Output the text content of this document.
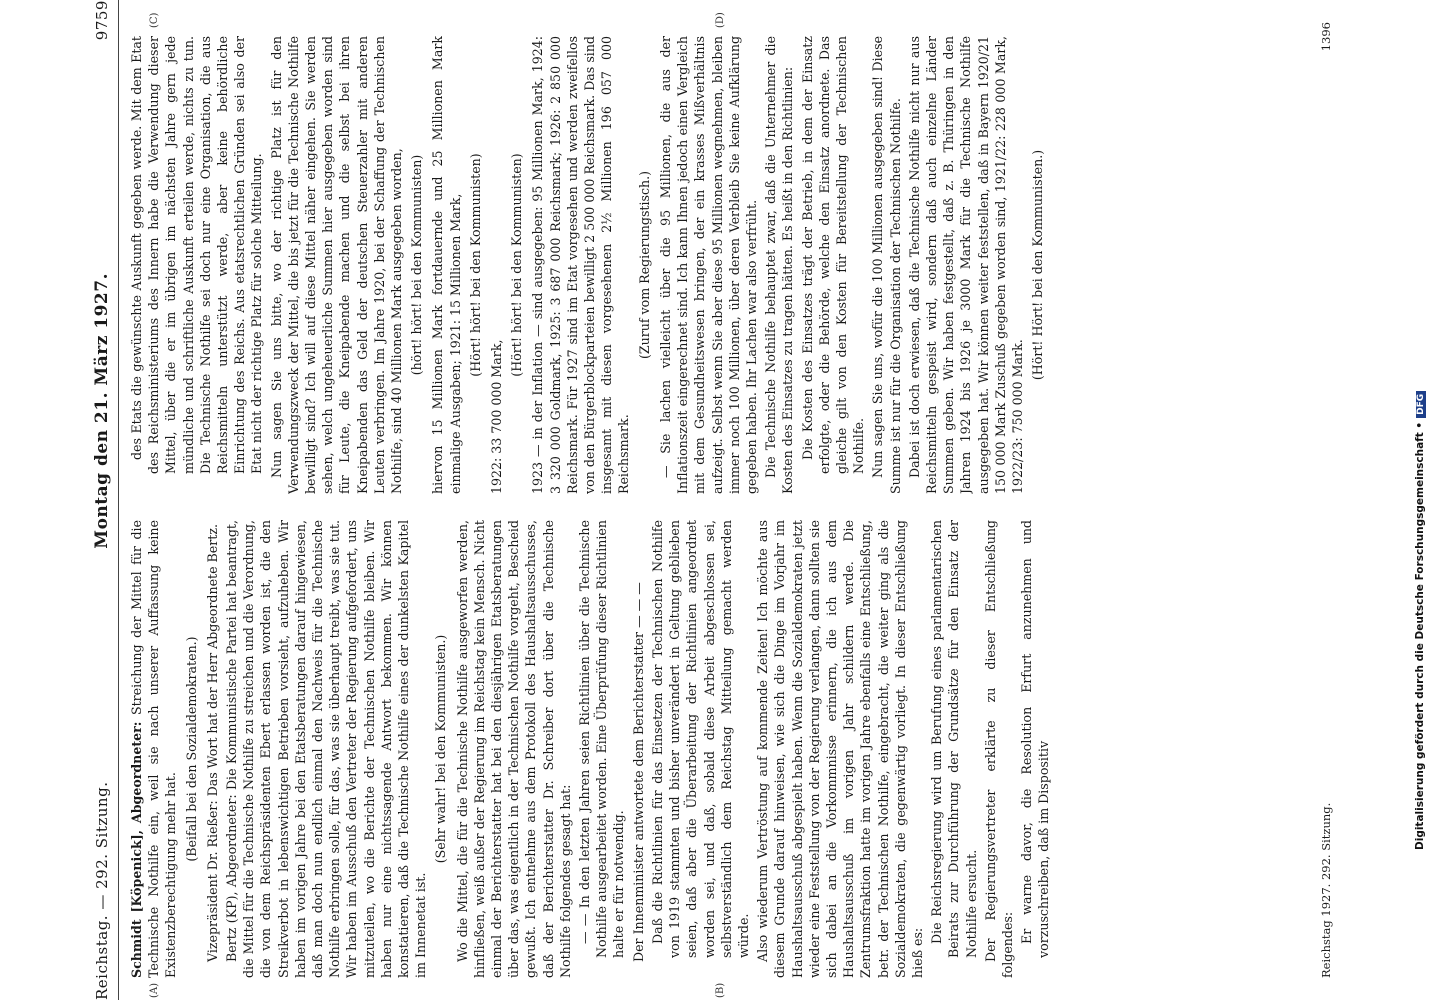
Digitalisierung gefördert durch die Deutsche Forschungsgemeinschaft •DFG
Reichstag. — 292. Sitzung.
Montag den 21. März 1927.
9759
(A)	(B)
(C)	(D)

Schmidt [Köpenick], Abgeordneter: Streichung der Mittel für die Technische Nothilfe ein, weil sie nach unserer Auffassung keine Existenzberechtigung mehr hat.

(Beifall bei den Sozialdemokraten.) Vizepräsident Dr. Rießer: Das Wort hat der Herr Abgeordnete Bertz. Bertz (KP), Abgeordneter: Die Kommunistische Partei hat beantragt, die Mittel für die Technische Nothilfe zu streichen und die Verordnung, die von dem Reichspräsidenten Ebert erlassen worden ist, die den Streikverbot in lebenswichtigen Betrieben vorsieht, aufzuheben. Wir haben im vorigen Jahre bei den Etatsberatungen darauf hingewiesen, daß man doch nun endlich einmal den Nachweis für die Technische Nothilfe erbringen solle, für das, was sie überhaupt treibt, was sie tut. Wir haben im Ausschuß den Vertreter der Regierung aufgefordert, uns mitzuteilen, wo die Berichte der Technischen Nothilfe bleiben. Wir haben nur eine nichtssagende Antwort bekommen. Wir können konstatieren, daß die Technische Nothilfe eines der dunkelsten Kapitel im Innenetat ist.

(Sehr wahr! bei den Kommunisten.) Wo die Mittel, die für die Technische Nothilfe ausgeworfen werden, hinfließen, weiß außer der Regierung im Reichstag kein Mensch. Nicht einmal der Berichterstatter hat bei den diesjährigen Etatsberatungen über das, was eigentlich in der Technischen Nothilfe vorgeht, Bescheid gewußt. Ich entnehme aus dem Protokoll des Haushaltsausschusses, daß der Berichterstatter Dr. Schreiber dort über die Technische Nothilfe folgendes gesagt hat: — — In den letzten Jahren seien Richtlinien über die Technische Nothilfe ausgearbeitet worden. Eine Überprüfung dieser Richtlinien halte er für notwendig. Der Innenminister antwortete dem Berichterstatter — — — Daß die Richtlinien für das Einsetzen der Technischen Nothilfe von 1919 stammten und bisher unverändert in Geltung geblieben seien, daß aber die Überarbeitung der Richtlinien angeordnet worden sei, und daß, sobald diese Arbeit abgeschlossen sei, selbstverständlich dem Reichstag Mitteilung gemacht werden würde. Also wiederum Vertröstung auf kommende Zeiten! Ich möchte aus diesem Grunde darauf hinweisen, wie sich die Dinge im Vorjahr im Haushaltsausschuß abgespielt haben. Wenn die Sozialdemokraten jetzt wieder eine Feststellung von der Regierung verlangen, dann sollten sie sich dabei an die Vorkommnisse erinnern, die ich aus dem Haushaltsausschuß im vorigen Jahr schildern werde. Die Zentrumsfraktion hatte im vorigen Jahre ebenfalls eine Entschließung, betr. der Technischen Nothilfe, eingebracht, die weiter ging als die Sozialdemokraten, die gegenwärtig vorliegt. In dieser Entschließung hieß es:

Die Reichsregierung wird um Berufung eines parlamentarischen Beirats zur Durchführung der Grundsätze für den Einsatz der Nothilfe ersucht. Der Regierungsvertreter erklärte zu dieser Entschließung folgendes:

Er warne davor, die Resolution Erfurt anzunehmen und vorzuschreiben, daß im Dispositiv

des Etats die gewünschte Auskunft gegeben werde. Mit dem Etat des Reichsministeriums des Innern habe die Verwendung dieser Mittel, über die er im übrigen im nächsten Jahre gern jede mündliche und schriftliche Auskunft erteilen werde, nichts zu tun. Die Technische Nothilfe sei doch nur eine Organisation, die aus Reichsmitteln unterstützt werde, aber keine behördliche Einrichtung des Reichs. Aus etatsrechtlichen Gründen sei also der Etat nicht der richtige Platz für solche Mitteilung. Nun sagen Sie uns bitte, wo der richtige Platz ist für den Verwendungszweck der Mittel, die bis jetzt für die Technische Nothilfe bewilligt sind? Ich will auf diese Mittel näher eingehen. Sie werden sehen, welch ungeheuerliche Summen hier ausgegeben worden sind für Leute, die Kneipabende machen und die selbst bei ihren Kneipabenden das Geld der deutschen Steuerzahler mit anderen Leuten verbringen. Im Jahre 1920, bei der Schaffung der Technischen Nothilfe, sind 40 Millionen Mark ausgegeben worden, (hört! hört! bei den Kommunisten) hiervon 15 Millionen Mark fortdauernde und 25 Millionen Mark einmalige Ausgaben; 1921: 15 Millionen Mark, (Hört! hört! bei den Kommunisten)

1922: 33 700 000 Mark,

(Hört! hört! bei den Kommunisten) 1923 — in der Inflation — sind ausgegeben: 95 Millionen Mark, 1924: 3 320 000 Goldmark, 1925: 3 687 000 Reichsmark; 1926: 2 850 000 Reichsmark. Für 1927 sind im Etat vorgesehen und werden zweifellos von den Bürgerblockparteien bewilligt 2 500 000 Reichsmark. Das sind insgesamt mit diesen vorgesehenen 2½ Millionen 196 057 000 Reichsmark.

(Zuruf vom Regierungstisch.) — Sie lachen vielleicht über die 95 Millionen, die aus der Inflationszeit eingerechnet sind. Ich kann Ihnen jedoch einen Vergleich mit dem Gesundheitswesen bringen, der ein krasses Mißverhältnis aufzeigt. Selbst wenn Sie aber diese 95 Millionen wegnehmen, bleiben immer noch 100 Millionen, über deren Verbleib Sie keine Aufklärung gegeben haben. Ihr Lachen war also verfrüht. Die Technische Nothilfe behauptet zwar, daß die Unternehmer die Kosten des Einsatzes zu tragen hätten. Es heißt in den Richtlinien: Die Kosten des Einsatzes trägt der Betrieb, in dem der Einsatz erfolgte, oder die Behörde, welche den Einsatz anordnete. Das gleiche gilt von den Kosten für Bereitstellung der Technischen Nothilfe. Nun sagen Sie uns, wofür die 100 Millionen ausgegeben sind! Diese Summe ist nur für die Organisation der Technischen Nothilfe. Dabei ist doch erwiesen, daß die Technische Nothilfe nicht nur aus Reichsmitteln gespeist wird, sondern daß auch einzelne Länder Summen geben. Wir haben festgestellt, daß z. B. Thüringen in den Jahren 1924 bis 1926 je 3000 Mark für die Technische Nothilfe ausgegeben hat. Wir können weiter feststellen, daß in Bayern 1920/21 150 000 Mark Zuschuß gegeben worden sind, 1921/22: 228 000 Mark, 1922/23: 750 000 Mark.

(Hört! Hört! bei den Kommunisten.)

Reichstag 1927. 292. Sitzung.
1396
